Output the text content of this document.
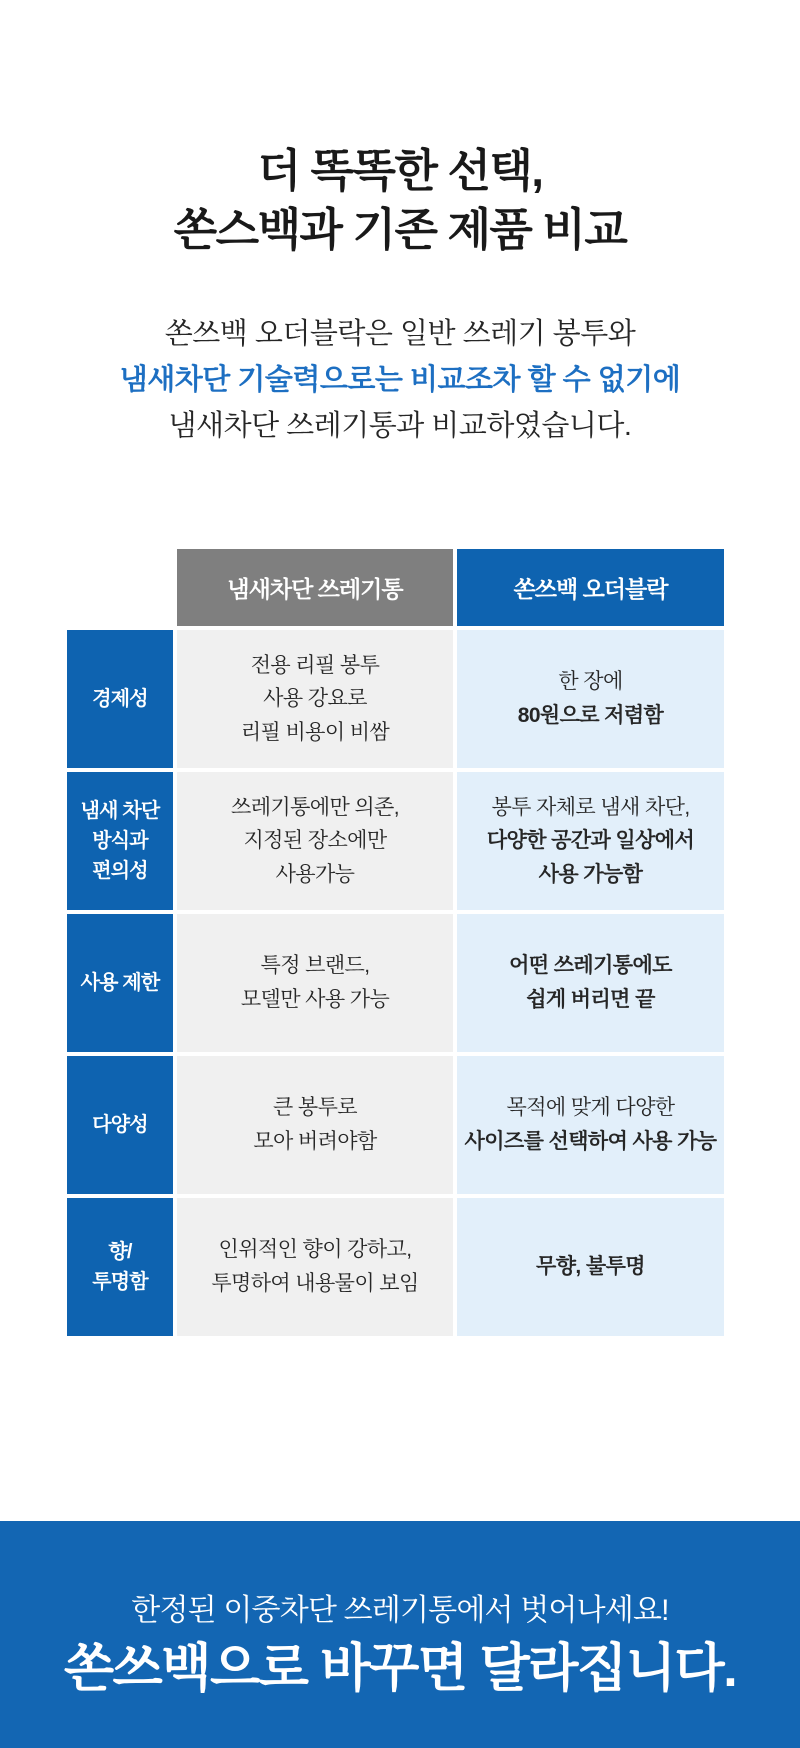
더 똑똑한 선택,
쏜스백과 기존 제품 비교
쏜쓰백 오더블락은 일반 쓰레기 봉투와
냄새차단 기술력으로는 비교조차 할 수 없기에
냄새차단 쓰레기통과 비교하였습니다.
냄새차단 쓰레기통	쏜쓰백 오더블락
경제성
전용 리필 봉투
사용 강요로
리필 비용이 비쌈
한 장에
80원으로 저렴함
냄새 차단
방식과
편의성
쓰레기통에만 의존,
지정된 장소에만
사용가능
봉투 자체로 냄새 차단,
다양한 공간과 일상에서
사용 가능함
사용 제한
특정 브랜드,
모델만 사용 가능
어떤 쓰레기통에도
쉽게 버리면 끝
다양성
큰 봉투로
모아 버려야함
목적에 맞게 다양한
사이즈를 선택하여 사용 가능
향/
투명함
인위적인 향이 강하고,
투명하여 내용물이 보임
무향, 불투명
한정된 이중차단 쓰레기통에서 벗어나세요!
쏜쓰백으로 바꾸면 달라집니다.
